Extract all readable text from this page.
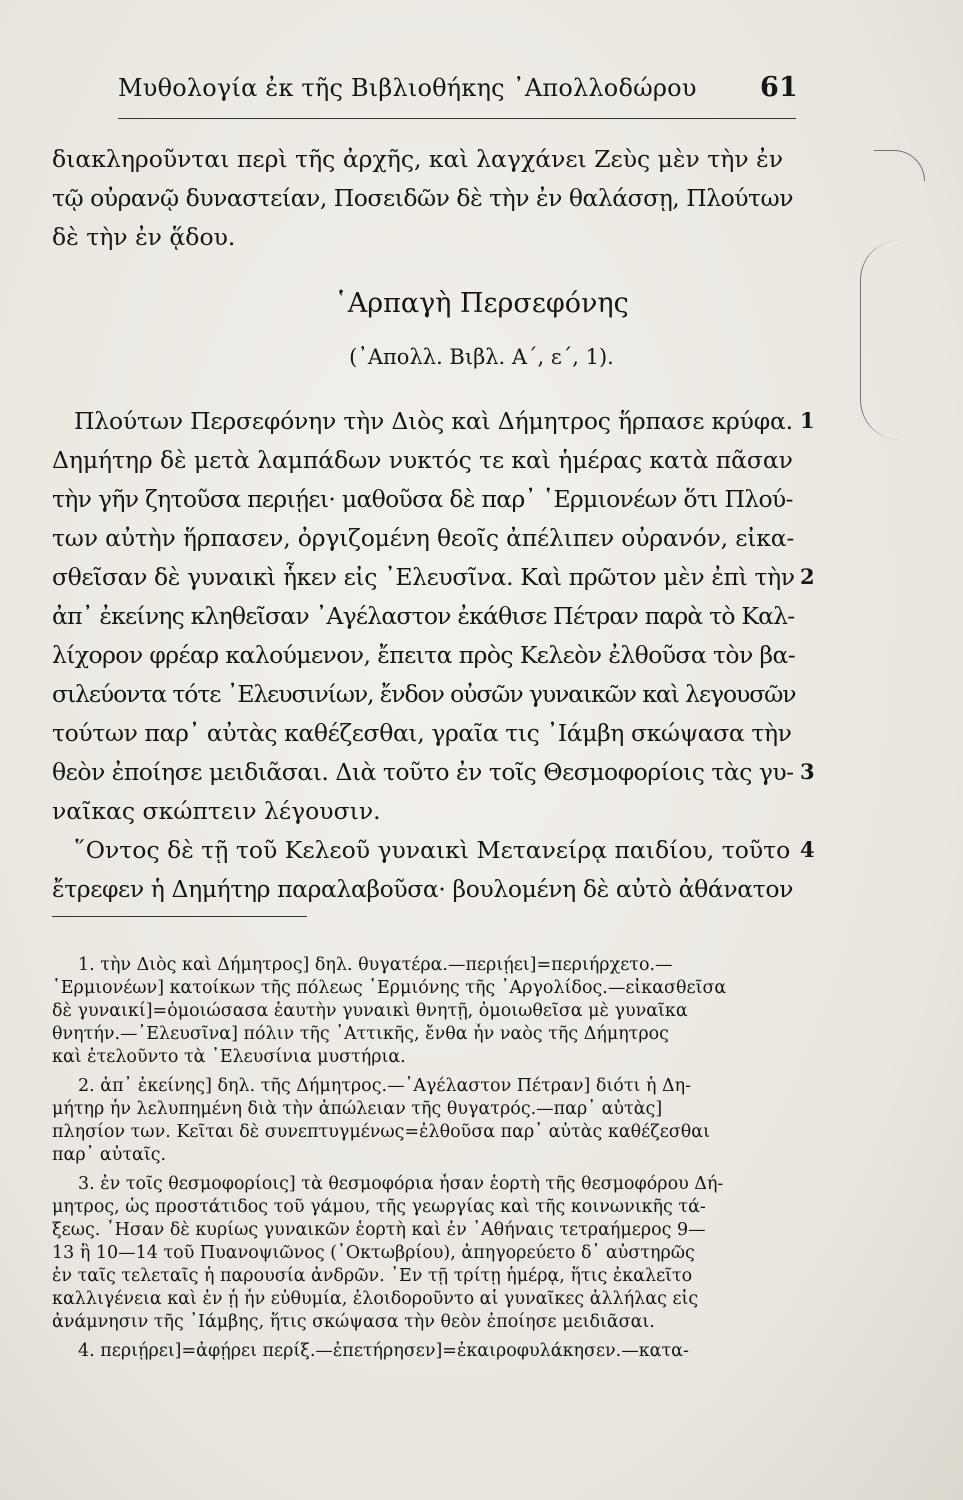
Μυθολογία ἐκ τῆς Βιβλιοθήκης ᾿Απολλοδώρου 61
διακληροῦνται περὶ τῆς ἀρχῆς, καὶ λαγχάνει Ζεὺς μὲν τὴν ἐν
τῷ οὐρανῷ δυναστείαν, Ποσειδῶν δὲ τὴν ἐν θαλάσσῃ, Πλούτων
δὲ τὴν ἐν ᾅδου.
῾Αρπαγὴ Περσεφόνης
(᾿Απολλ. Βιβλ. Α΄, ε΄, 1).
Πλούτων Περσεφόνην τὴν Διὸς καὶ Δήμητρος ἥρπασε κρύφα.
Δημήτηρ δὲ μετὰ λαμπάδων νυκτός τε καὶ ἡμέρας κατὰ πᾶσαν
τὴν γῆν ζητοῦσα περιῄει· μαθοῦσα δὲ παρ᾿ ῾Ερμιονέων ὅτι Πλού-
των αὐτὴν ἥρπασεν, ὀργιζομένη θεοῖς ἀπέλιπεν οὐρανόν, εἰκα-
σθεῖσαν δὲ γυναικὶ ἧκεν εἰς ᾿Ελευσῖνα. Καὶ πρῶτον μὲν ἐπὶ τὴν
ἀπ᾿ ἐκείνης κληθεῖσαν ᾿Αγέλαστον ἐκάθισε Πέτραν παρὰ τὸ Καλ-
λίχορον φρέαρ καλούμενον, ἔπειτα πρὸς Κελεὸν ἐλθοῦσα τὸν βα-
σιλεύοντα τότε ᾿Ελευσινίων, ἔνδον οὐσῶν γυναικῶν καὶ λεγουσῶν
τούτων παρ᾿ αὐτὰς καθέζεσθαι, γραῖα τις ᾿Ιάμβη σκώψασα τὴν
θεὸν ἐποίησε μειδιᾶσαι. Διὰ τοῦτο ἐν τοῖς Θεσμοφορίοις τὰς γυ-
ναῖκας σκώπτειν λέγουσιν.
῞Οντος δὲ τῇ τοῦ Κελεοῦ γυναικὶ Μετανείρᾳ παιδίου, τοῦτο
ἔτρεφεν ἡ Δημήτηρ παραλαβοῦσα· βουλομένη δὲ αὐτὸ ἀθάνατον
1
2
3
4
1. τὴν Διὸς καὶ Δήμητρος] δηλ. θυγατέρα.—περιῄει]=περιήρχετο.—
῾Ερμιονέων] κατοίκων τῆς πόλεως ῾Ερμιόνης τῆς ᾿Αργολίδος.—εἰκασθεῖσα
δὲ γυναικί]=ὁμοιώσασα ἑαυτὴν γυναικὶ θνητῇ, ὁμοιωθεῖσα μὲ γυναῖκα
θνητήν.—᾿Ελευσῖνα] πόλιν τῆς ᾿Αττικῆς, ἔνθα ἦν ναὸς τῆς Δήμητρος
καὶ ἐτελοῦντο τὰ ᾿Ελευσίνια μυστήρια.
2. ἀπ᾿ ἐκείνης] δηλ. τῆς Δήμητρος.—᾿Αγέλαστον Πέτραν] διότι ἡ Δη-
μήτηρ ἦν λελυπημένη διὰ τὴν ἀπώλειαν τῆς θυγατρός.—παρ᾿ αὐτὰς]
πλησίον των. Κεῖται δὲ συνεπτυγμένως=ἐλθοῦσα παρ᾿ αὐτὰς καθέζεσθαι
παρ᾿ αὐταῖς.
3. ἐν τοῖς θεσμοφορίοις] τὰ θεσμοφόρια ἦσαν ἑορτὴ τῆς θεσμοφόρου Δή-
μητρος, ὡς προστάτιδος τοῦ γάμου, τῆς γεωργίας καὶ τῆς κοινωνικῆς τά-
ξεως. ῏Ησαν δὲ κυρίως γυναικῶν ἑορτὴ καὶ ἐν ᾿Αθήναις τετραήμερος 9—
13 ἢ 10—14 τοῦ Πυανοψιῶνος (᾿Οκτωβρίου), ἀπηγορεύετο δ᾿ αὐστηρῶς
ἐν ταῖς τελεταῖς ἡ παρουσία ἀνδρῶν. ᾿Εν τῇ τρίτῃ ἡμέρᾳ, ἥτις ἐκαλεῖτο
καλλιγένεια καὶ ἐν ᾗ ἦν εὐθυμία, ἐλοιδοροῦντο αἱ γυναῖκες ἀλλήλας εἰς
ἀνάμνησιν τῆς ᾿Ιάμβης, ἥτις σκώψασα τὴν θεὸν ἐποίησε μειδιᾶσαι.
4. περιῄρει]=ἀφῄρει περίξ.—ἐπετήρησεν]=ἐκαιροφυλάκησεν.—κατα-
